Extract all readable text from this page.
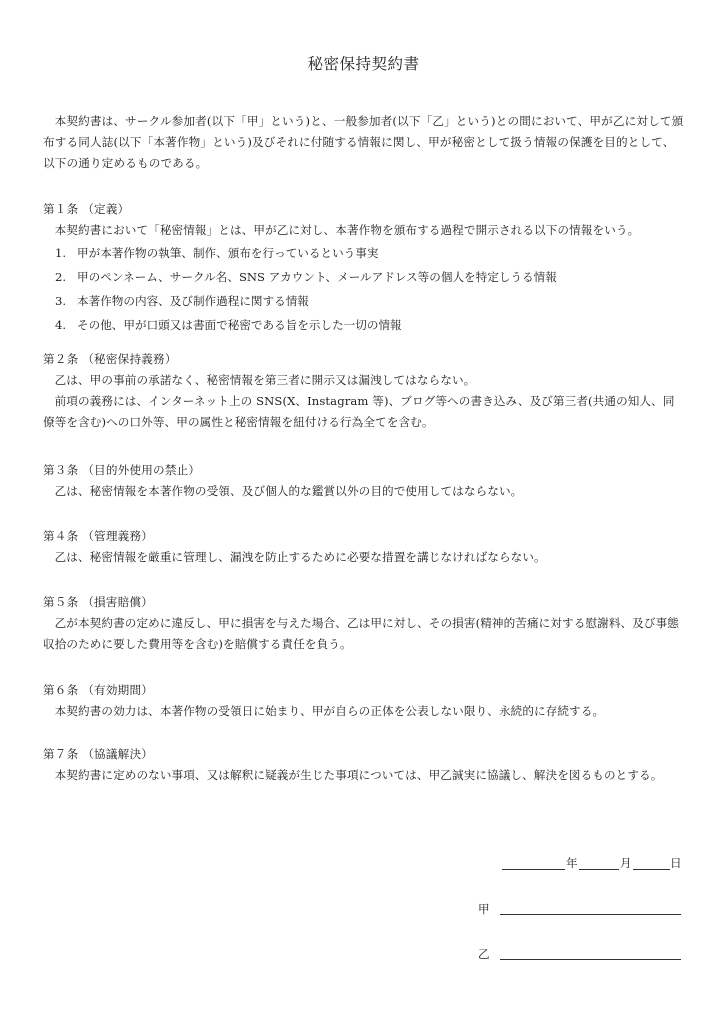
秘密保持契約書
本契約書は、サークル参加者(以下「甲」という)と、一般参加者(以下「乙」という)との間において、甲が乙に対して頒布する同人誌(以下「本著作物」という)及びそれに付随する情報に関し、甲が秘密として扱う情報の保護を目的として、以下の通り定めるものである。
第１条 （定義）
本契約書において「秘密情報」とは、甲が乙に対し、本著作物を頒布する過程で開示される以下の情報をいう。
1. 甲が本著作物の執筆、制作、頒布を行っているという事実
2. 甲のペンネーム、サークル名、SNS アカウント、メールアドレス等の個人を特定しうる情報
3. 本著作物の内容、及び制作過程に関する情報
4. その他、甲が口頭又は書面で秘密である旨を示した一切の情報
第２条 （秘密保持義務）
乙は、甲の事前の承諾なく、秘密情報を第三者に開示又は漏洩してはならない。
前項の義務には、インターネット上の SNS(X、Instagram 等)、ブログ等への書き込み、及び第三者(共通の知人、同僚等を含む)への口外等、甲の属性と秘密情報を紐付ける行為全てを含む。
第３条 （目的外使用の禁止）
乙は、秘密情報を本著作物の受領、及び個人的な鑑賞以外の目的で使用してはならない。
第４条 （管理義務）
乙は、秘密情報を厳重に管理し、漏洩を防止するために必要な措置を講じなければならない。
第５条 （損害賠償）
乙が本契約書の定めに違反し、甲に損害を与えた場合、乙は甲に対し、その損害(精神的苦痛に対する慰謝料、及び事態収拾のために要した費用等を含む)を賠償する責任を負う。
第６条 （有効期間）
本契約書の効力は、本著作物の受領日に始まり、甲が自らの正体を公表しない限り、永続的に存続する。
第７条 （協議解決）
本契約書に定めのない事項、又は解釈に疑義が生じた事項については、甲乙誠実に協議し、解決を図るものとする。
年	月	日
甲
乙
